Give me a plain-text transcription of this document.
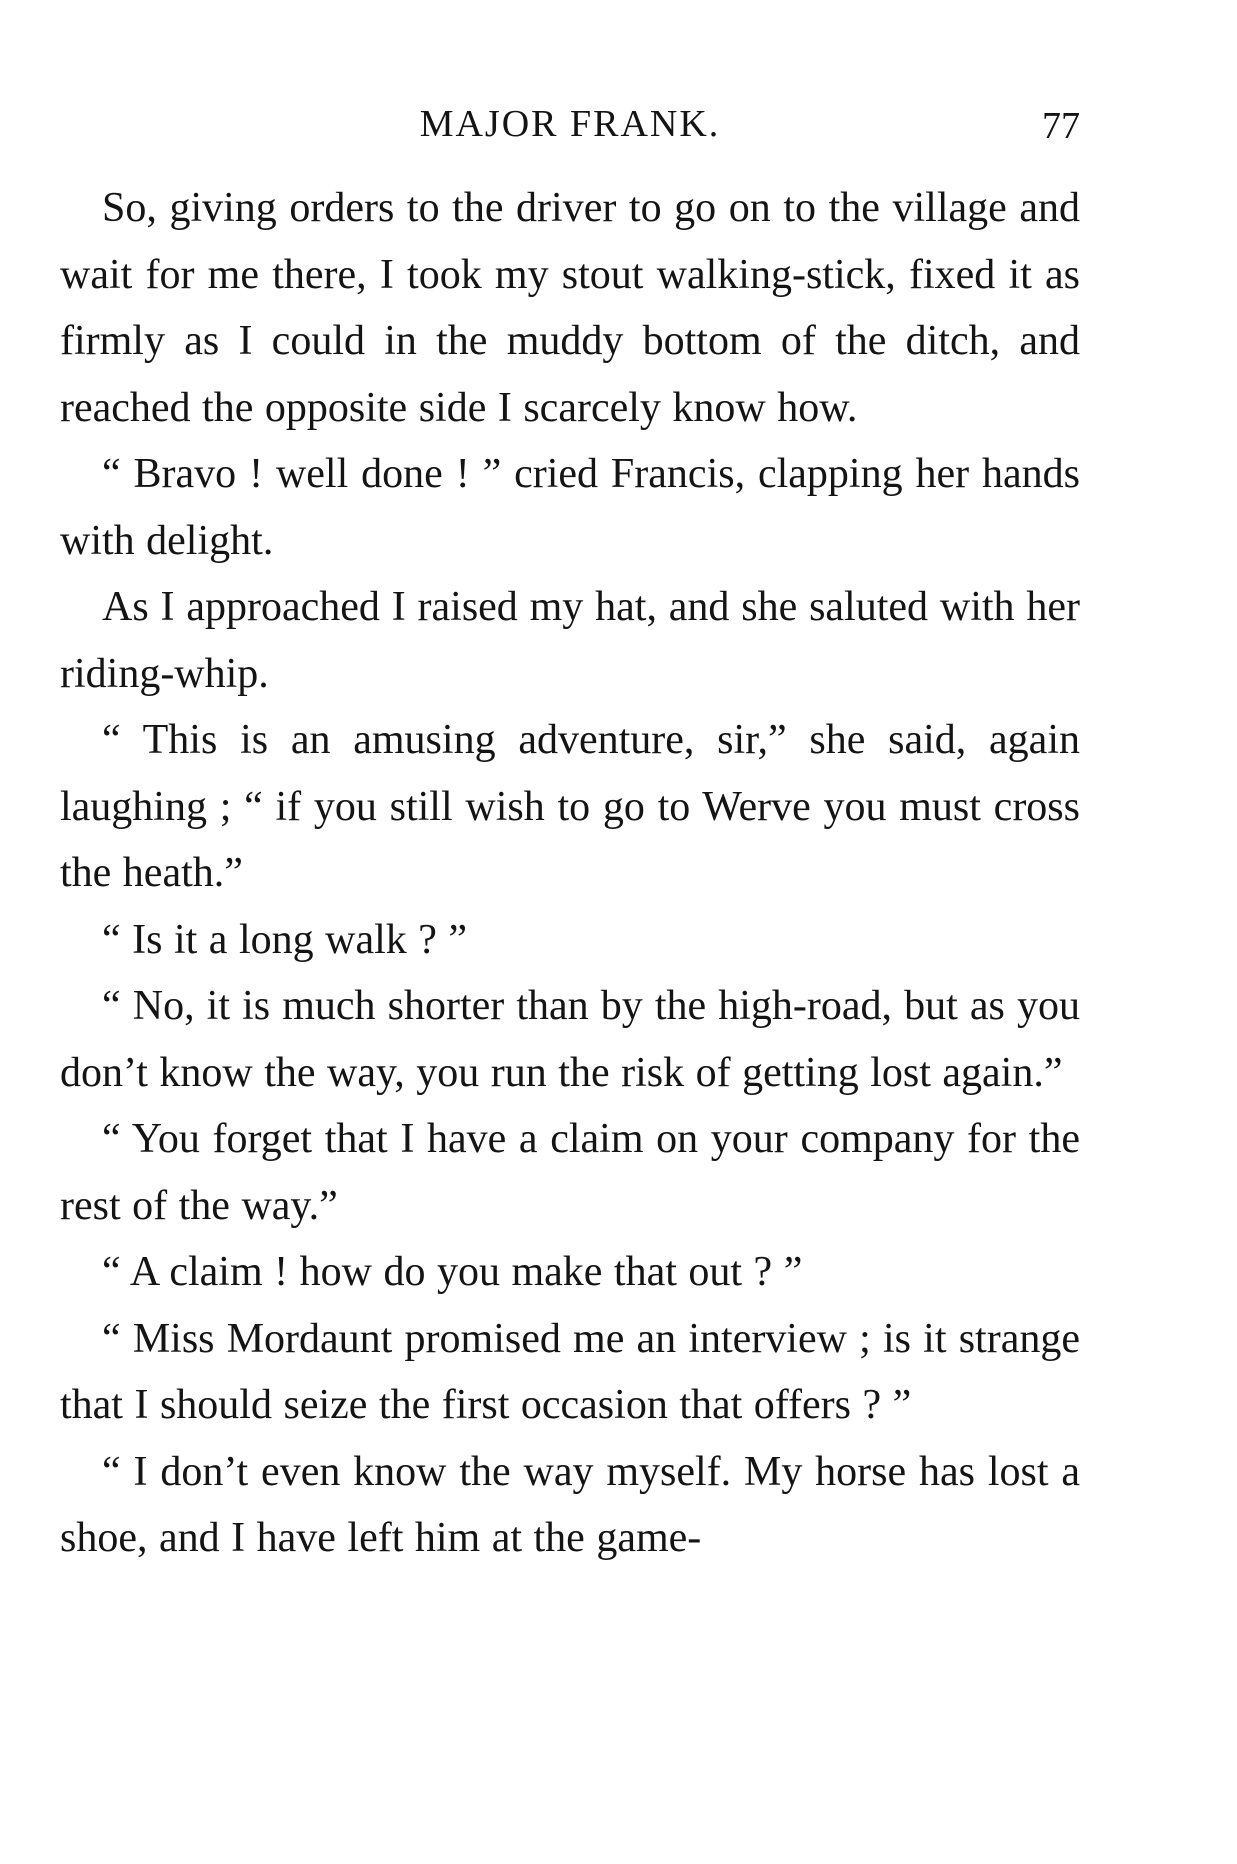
MAJOR FRANK.	77

So, giving orders to the driver to go on to the village and wait for me there, I took my stout walking-stick, fixed it as firmly as I could in the muddy bottom of the ditch, and reached the opposite side I scarcely know how.

“ Bravo ! well done ! ” cried Francis, clapping her hands with delight.

As I approached I raised my hat, and she saluted with her riding-whip.

“ This is an amusing adventure, sir,” she said, again laughing ; “ if you still wish to go to Werve you must cross the heath.”

“ Is it a long walk ? ”

“ No, it is much shorter than by the high-road, but as you don’t know the way, you run the risk of getting lost again.”

“ You forget that I have a claim on your company for the rest of the way.”

“ A claim ! how do you make that out ? ”

“ Miss Mordaunt promised me an interview ; is it strange that I should seize the first occasion that offers ? ”

“ I don’t even know the way myself. My horse has lost a shoe, and I have left him at the game-
